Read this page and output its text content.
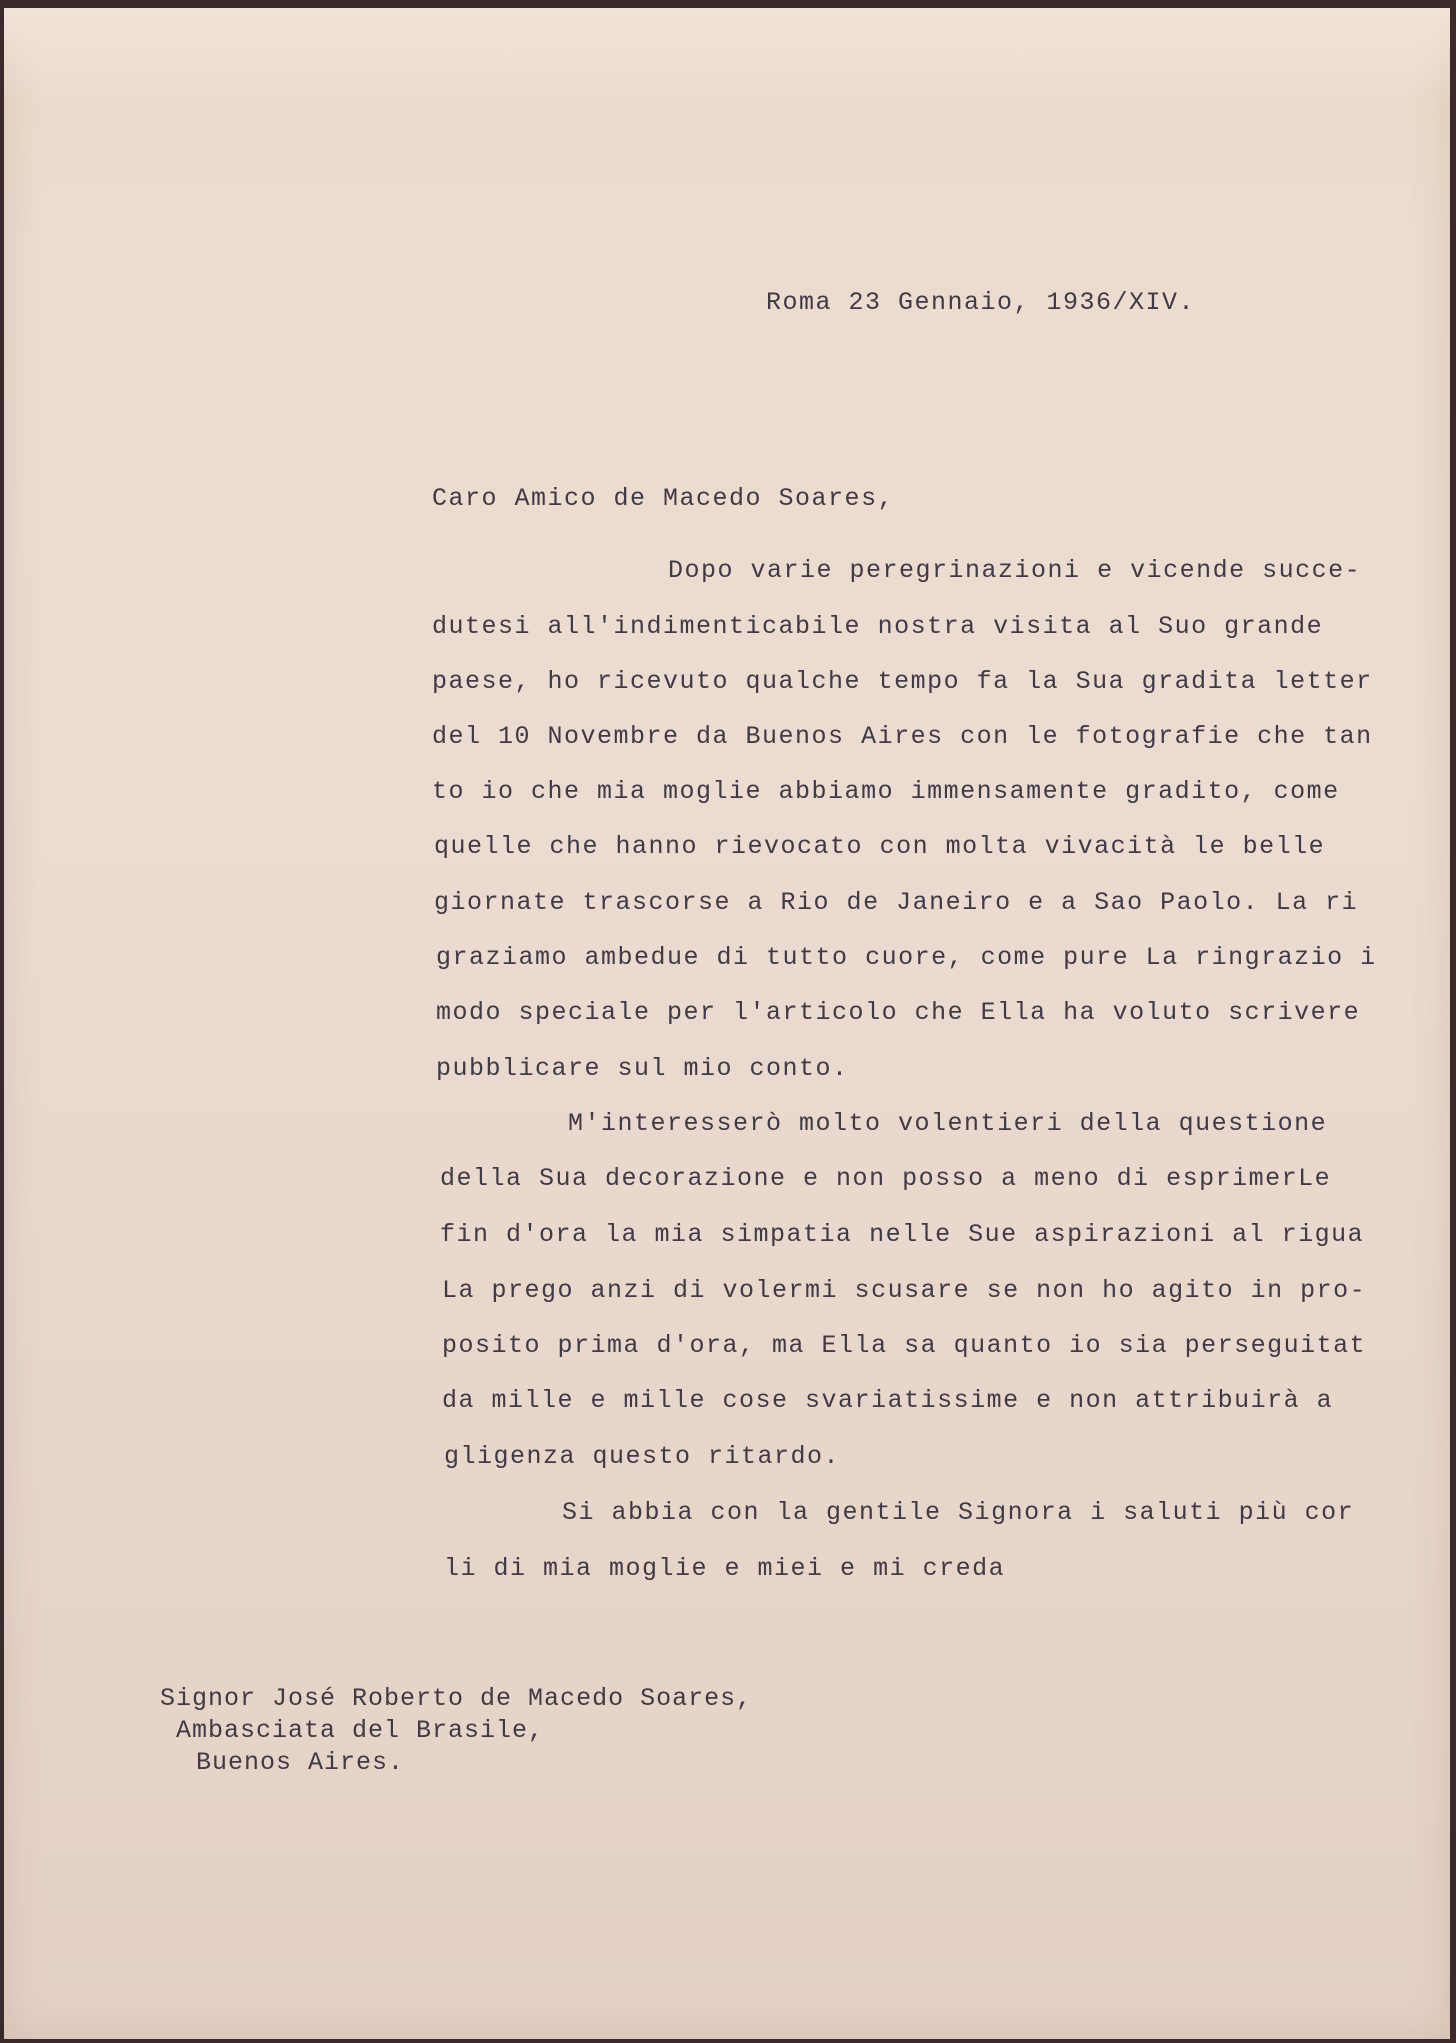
Roma 23 Gennaio, 1936/XIV.
Caro Amico de Macedo Soares,
Dopo varie peregrinazioni e vicende succe-
dutesi all'indimenticabile nostra visita al Suo grande
paese, ho ricevuto qualche tempo fa la Sua gradita letter
del 10 Novembre da Buenos Aires con le fotografie che tan
to io che mia moglie abbiamo immensamente gradito, come
quelle che hanno rievocato con molta vivacità le belle
giornate trascorse a Rio de Janeiro e a Sao Paolo. La ri
graziamo ambedue di tutto cuore, come pure La ringrazio i
modo speciale per l'articolo che Ella ha voluto scrivere
pubblicare sul mio conto.
M'interesserò molto volentieri della questione
della Sua decorazione e non posso a meno di esprimerLe
fin d'ora la mia simpatia nelle Sue aspirazioni al rigua
La prego anzi di volermi scusare se non ho agito in pro-
posito prima d'ora, ma Ella sa quanto io sia perseguitat
da mille e mille cose svariatissime e non attribuirà a
gligenza questo ritardo.
Si abbia con la gentile Signora i saluti più cor
li di mia moglie e miei e mi creda
Signor José Roberto de Macedo Soares,
Ambasciata del Brasile,
Buenos Aires.
